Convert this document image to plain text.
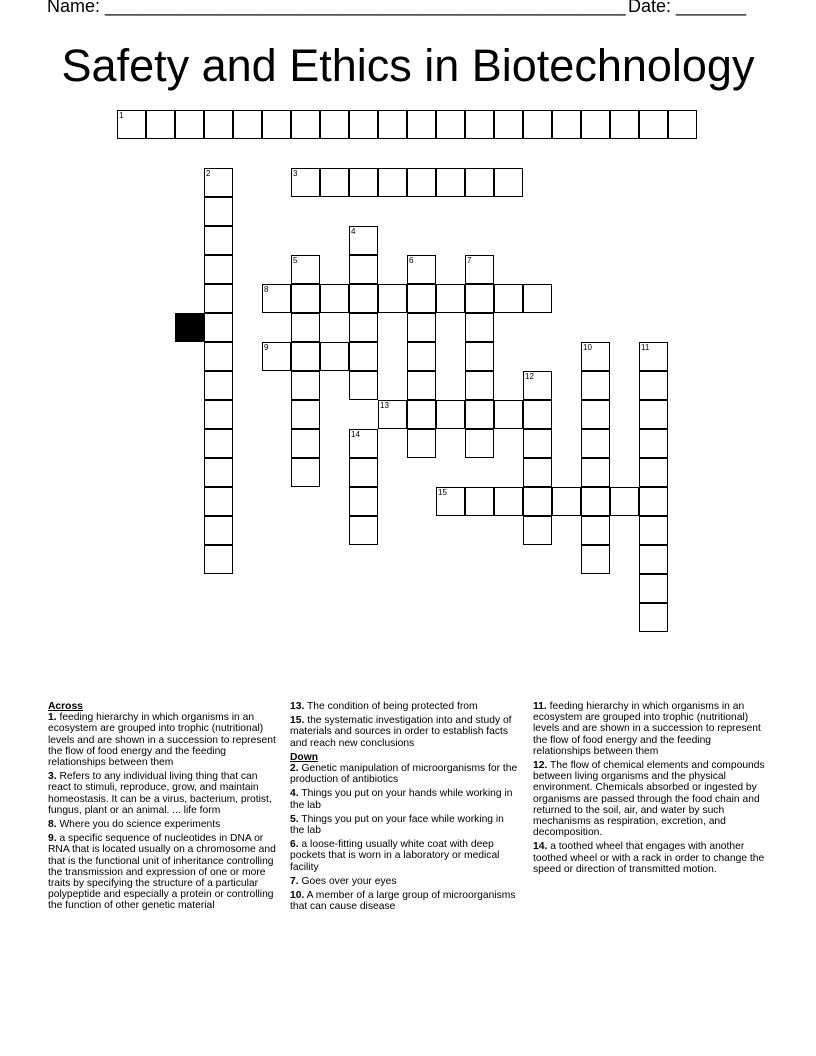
Name: ____________________________________________________ Date: _______
Safety and Ethics in Biotechnology
1
2	3
4
5	6	7
8
9	10	11
12
13
14
15
Across
1. feeding hierarchy in which organisms in an ecosystem are grouped into trophic (nutritional) levels and are shown in a succession to represent the flow of food energy and the feeding relationships between them
3. Refers to any individual living thing that can react to stimuli, reproduce, grow, and maintain homeostasis. It can be a virus, bacterium, protist, fungus, plant or an animal. ... life form
8. Where you do science experiments
9. a specific sequence of nucleotides in DNA or RNA that is located usually on a chromosome and that is the functional unit of inheritance controlling the transmission and expression of one or more traits by specifying the structure of a particular polypeptide and especially a protein or controlling the function of other genetic material
13. The condition of being protected from
15. the systematic investigation into and study of materials and sources in order to establish facts and reach new conclusions
Down
2. Genetic manipulation of microorganisms for the production of antibiotics
4. Things you put on your hands while working in the lab
5. Things you put on your face while working in the lab
6. a loose-fitting usually white coat with deep pockets that is worn in a laboratory or medical facility
7. Goes over your eyes
10. A member of a large group of microorganisms that can cause disease
11. feeding hierarchy in which organisms in an ecosystem are grouped into trophic (nutritional) levels and are shown in a succession to represent the flow of food energy and the feeding relationships between them
12. The flow of chemical elements and compounds between living organisms and the physical environment. Chemicals absorbed or ingested by organisms are passed through the food chain and returned to the soil, air, and water by such mechanisms as respiration, excretion, and decomposition.
14. a toothed wheel that engages with another toothed wheel or with a rack in order to change the speed or direction of transmitted motion.
